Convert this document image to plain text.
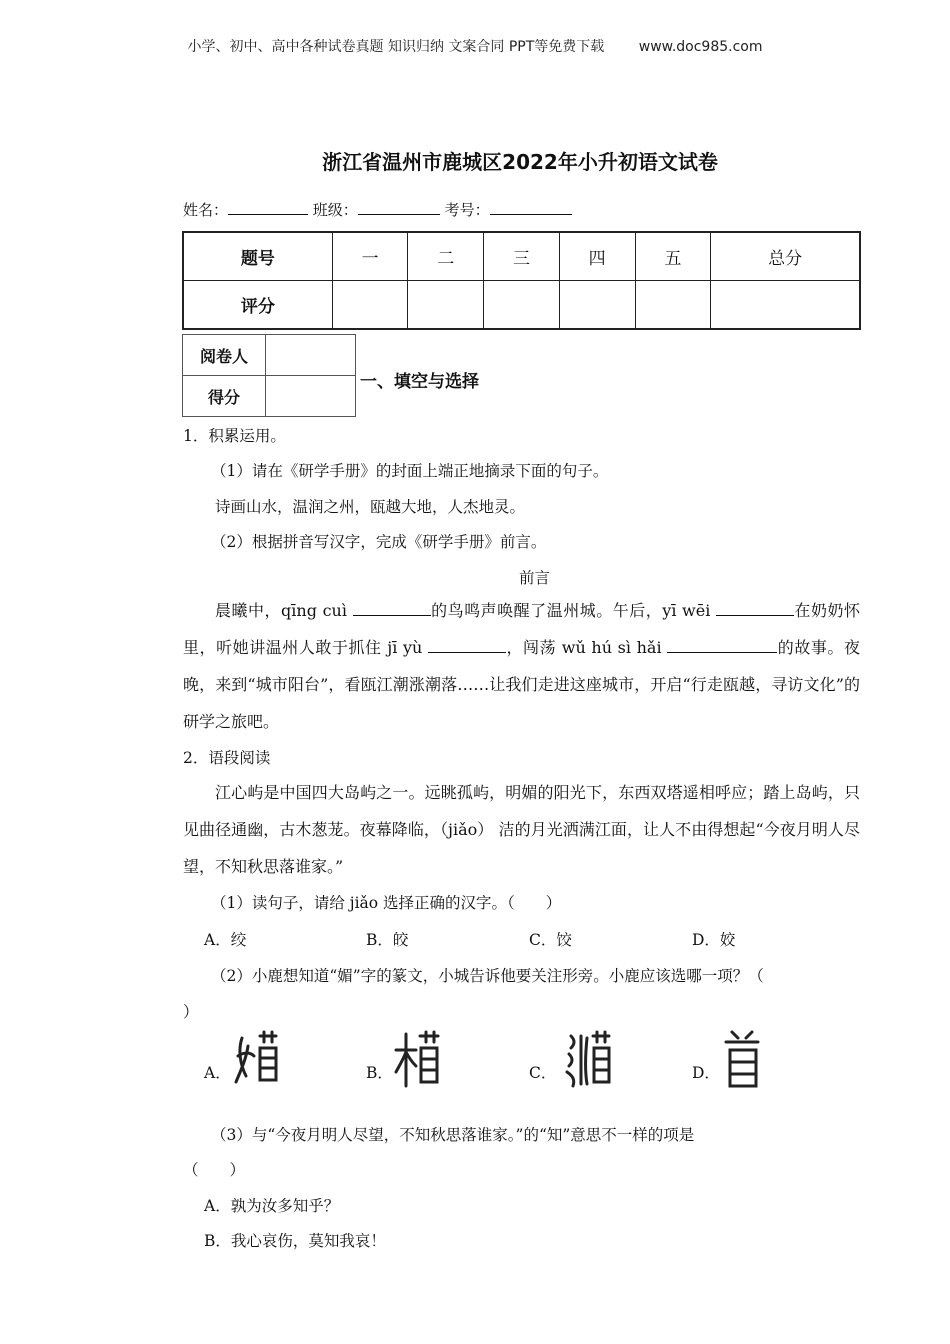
小学、初中、高中各种试卷真题 知识归纳 文案合同 PPT等免费下载 www.doc985.com
浙江省温州市鹿城区2022年小升初语文试卷
姓名：	班级：	考号：
题号	一	二	三	四	五	总分
评分						
阅卷人	
得分	
一、填空与选择
1．积累运用。
（1）请在《研学手册》的封面上端正地摘录下面的句子。
诗画山水，温润之州，瓯越大地，人杰地灵。
（2）根据拼音写汉字，完成《研学手册》前言。
前言
晨曦中，qīng cuì	的鸟鸣声唤醒了温州城。午后，yī wēi	在奶奶怀里，听她讲温州人敢于抓住 jī yù	，闯荡 wǔ hú sì hǎi	的故事。夜晚，来到“城市阳台”，看瓯江潮涨潮落……让我们走进这座城市，开启“行走瓯越，寻访文化”的研学之旅吧。
2．语段阅读
江心屿是中国四大岛屿之一。远眺孤屿，明媚的阳光下，东西双塔遥相呼应；踏上岛屿，只见曲径通幽，古木葱茏。夜幕降临，（jiǎo） 洁的月光洒满江面，让人不由得想起“今夜月明人尽望，不知秋思落谁家。”
（1）读句子，请给 jiǎo 选择正确的汉字。（　　）
A．绞	B．皎	C．饺	D．姣
（2）小鹿想知道“媚”字的篆文，小城告诉他要关注形旁。小鹿应该选哪一项？（
）
A．	B．	C．	D．
（3）与“今夜月明人尽望，不知秋思落谁家。”的“知”意思不一样的项是
（　　）
A．孰为汝多知乎？
B．我心哀伤，莫知我哀！
